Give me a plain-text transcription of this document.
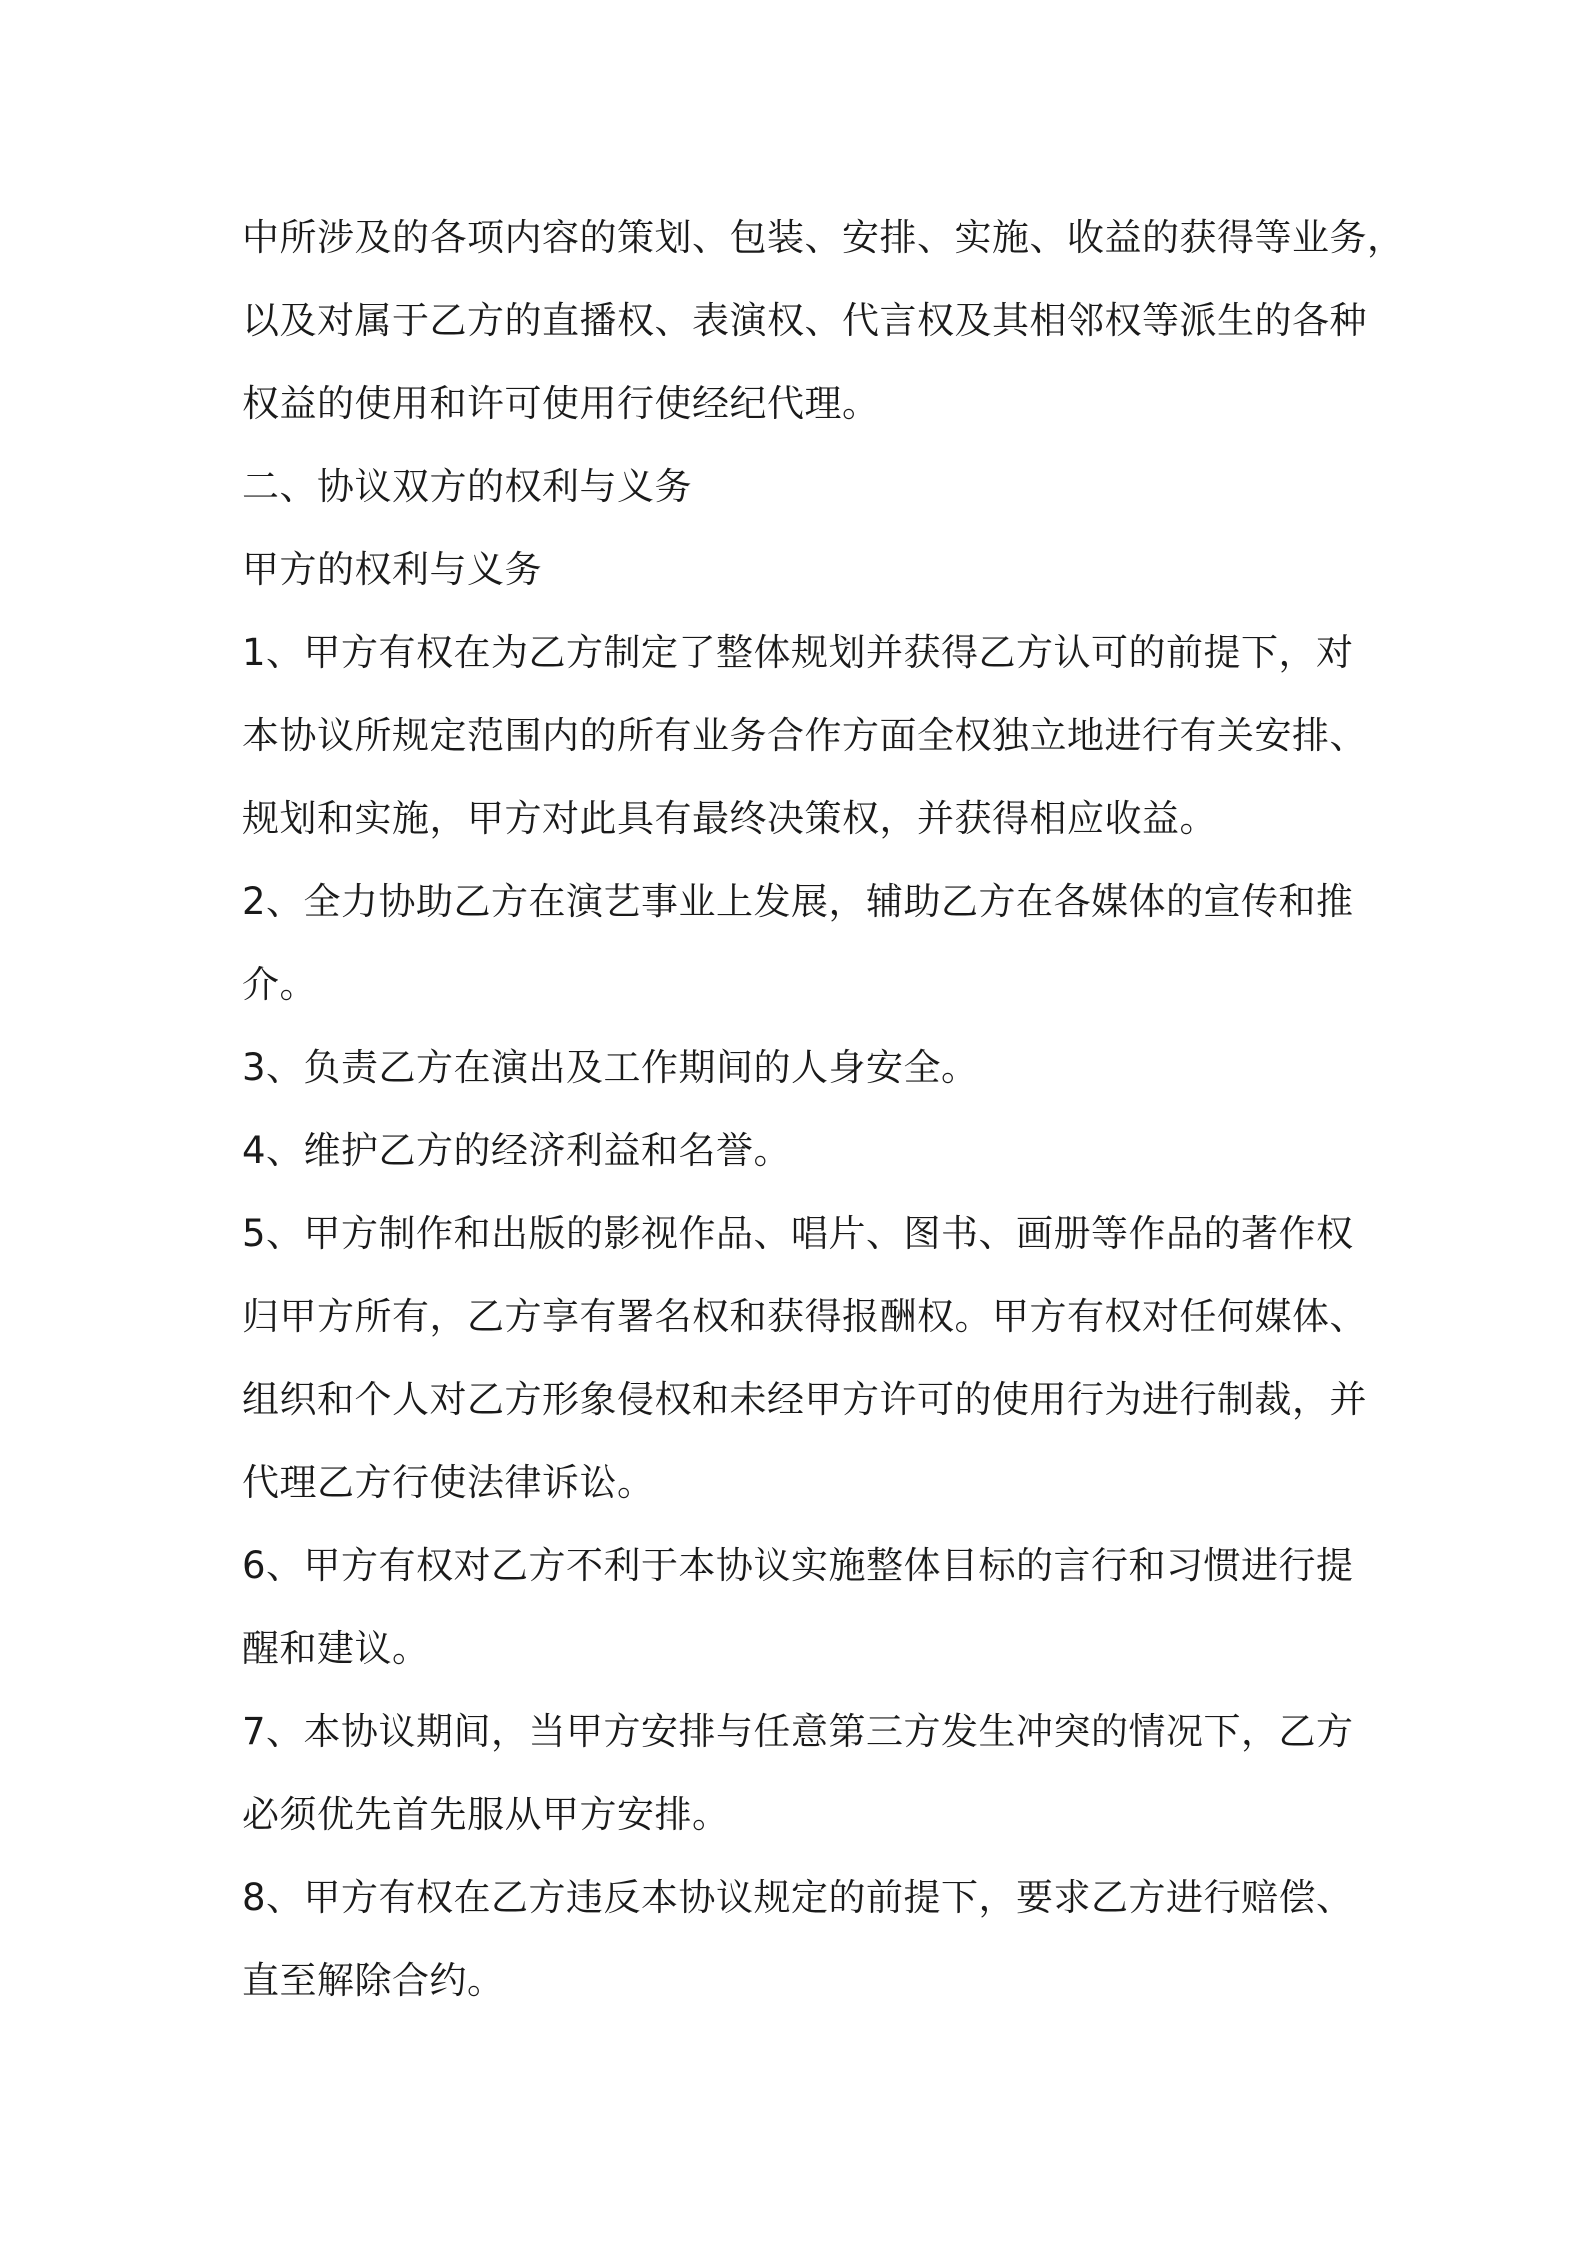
中所涉及的各项内容的策划、包装、安排、实施、收益的获得等业务，
以及对属于乙方的直播权、表演权、代言权及其相邻权等派生的各种
权益的使用和许可使用行使经纪代理。
二、协议双方的权利与义务
甲方的权利与义务
1、甲方有权在为乙方制定了整体规划并获得乙方认可的前提下，对
本协议所规定范围内的所有业务合作方面全权独立地进行有关安排、
规划和实施，甲方对此具有最终决策权，并获得相应收益。
2、全力协助乙方在演艺事业上发展，辅助乙方在各媒体的宣传和推
介。
3、负责乙方在演出及工作期间的人身安全。
4、维护乙方的经济利益和名誉。
5、甲方制作和出版的影视作品、唱片、图书、画册等作品的著作权
归甲方所有，乙方享有署名权和获得报酬权。甲方有权对任何媒体、
组织和个人对乙方形象侵权和未经甲方许可的使用行为进行制裁，并
代理乙方行使法律诉讼。
6、甲方有权对乙方不利于本协议实施整体目标的言行和习惯进行提
醒和建议。
7、本协议期间，当甲方安排与任意第三方发生冲突的情况下，乙方
必须优先首先服从甲方安排。
8、甲方有权在乙方违反本协议规定的前提下，要求乙方进行赔偿、
直至解除合约。
